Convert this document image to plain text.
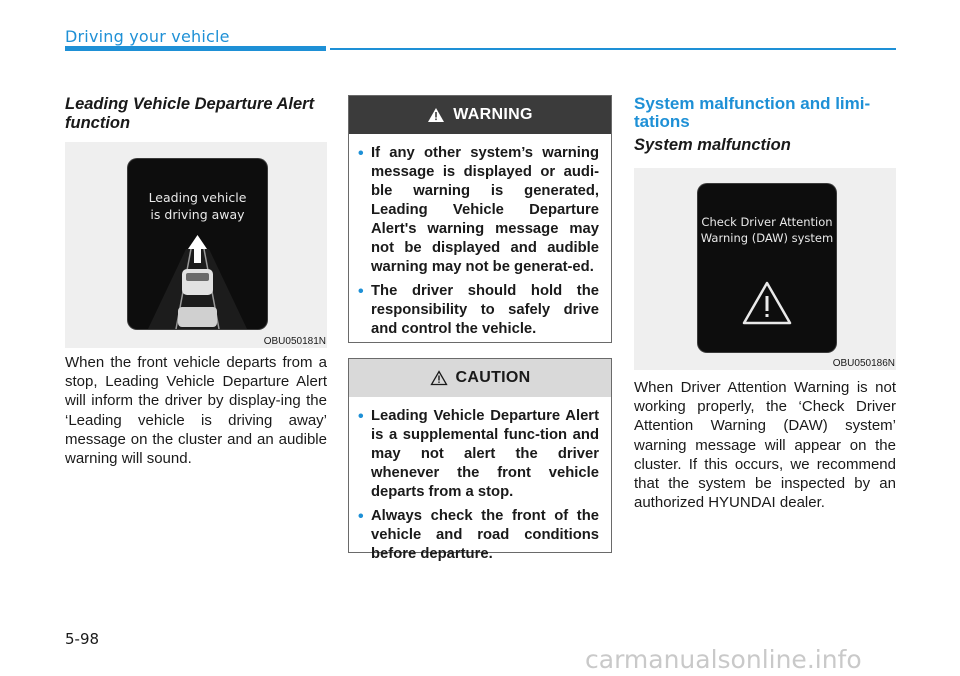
Driving your vehicle
Leading Vehicle Departure Alert function
Leading vehicle
is driving away
OBU050181N
When the front vehicle departs from a stop, Leading Vehicle Departure Alert will inform the driver by display-ing the ‘Leading vehicle is driving away’ message on the cluster and an audible warning will sound.
WARNING
• If any other system’s warning message is displayed or audi-ble warning is generated, Leading Vehicle Departure Alert's warning message may not be displayed and audible warning may not be generat-ed.
• The driver should hold the responsibility to safely drive and control the vehicle.
CAUTION
• Leading Vehicle Departure Alert is a supplemental func-tion and may not alert the driver whenever the front vehicle departs from a stop.
• Always check the front of the vehicle and road conditions before departure.
System malfunction and limi-tations
System malfunction
Check Driver Attention
Warning (DAW) system
OBU050186N
When Driver Attention Warning is not working properly, the ‘Check Driver Attention Warning (DAW) system’ warning message will appear on the cluster. If this occurs, we recommend that the system be inspected by an authorized HYUNDAI dealer.
5-98
carmanualsonline.info
